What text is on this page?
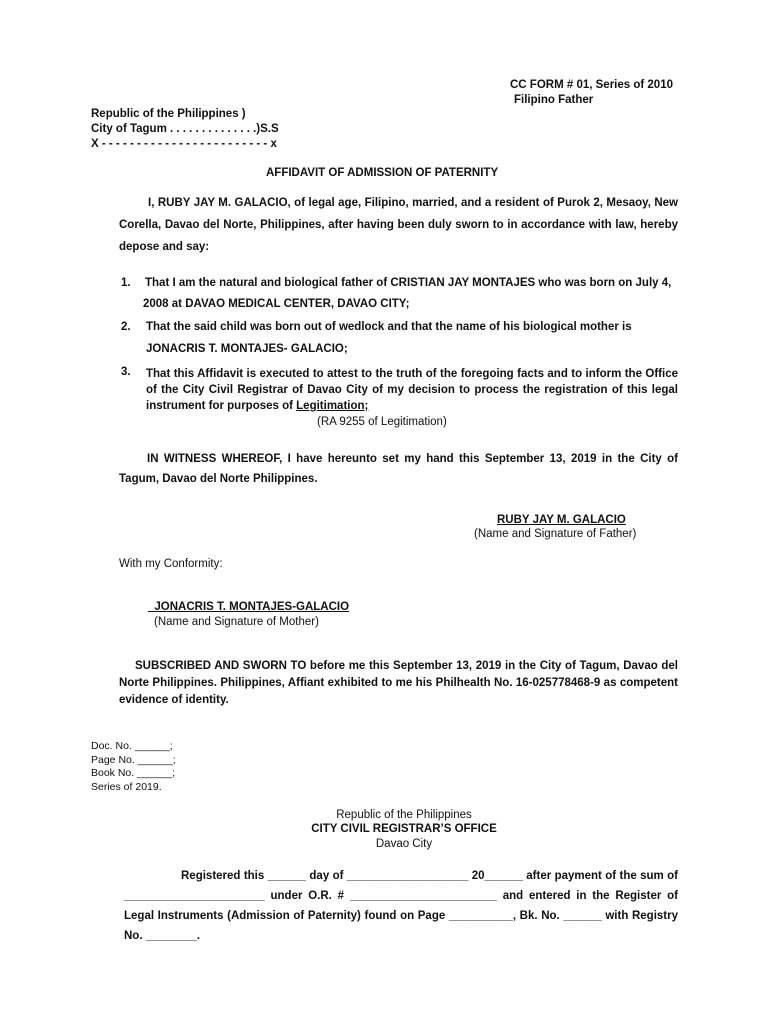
CC FORM # 01, Series of 2010
Filipino Father
Republic of the Philippines )
City of Tagum . . . . . . . . . . . . . .)S.S
X - - - - - - - - - - - - - - - - - - - - - - - - x
AFFIDAVIT OF ADMISSION OF PATERNITY
I, RUBY JAY M. GALACIO, of legal age, Filipino, married, and a resident of Purok 2, Mesaoy, New Corella, Davao del Norte, Philippines, after having been duly sworn to in accordance with law, hereby depose and say:
1. That I am the natural and biological father of CRISTIAN JAY MONTAJES who was born on July 4,
2008 at DAVAO MEDICAL CENTER, DAVAO CITY;
2. That the said child was born out of wedlock and that the name of his biological mother is
JONACRIS T. MONTAJES- GALACIO;
3. That this Affidavit is executed to attest to the truth of the foregoing facts and to inform the Office of the City Civil Registrar of Davao City of my decision to process the registration of this legal instrument for purposes of Legitimation;
(RA 9255 of Legitimation)
IN WITNESS WHEREOF, I have hereunto set my hand this September 13, 2019 in the City of Tagum, Davao del Norte Philippines.
RUBY JAY M. GALACIO
(Name and Signature of Father)
With my Conformity:
_JONACRIS T. MONTAJES-GALACIO
(Name and Signature of Mother)
SUBSCRIBED AND SWORN TO before me this September 13, 2019 in the City of Tagum, Davao del Norte Philippines. Philippines, Affiant exhibited to me his Philhealth No. 16-025778468-9 as competent evidence of identity.
Doc. No. ______;
Page No. ______;
Book No. ______;
Series of 2019.
Republic of the Philippines
CITY CIVIL REGISTRAR’S OFFICE
Davao City
Registered this ______ day of ___________________ 20______ after payment of the sum of ______________________ under O.R. # _______________________ and entered in the Register of Legal Instruments (Admission of Paternity) found on Page __________, Bk. No. ______ with Registry No. ________.
